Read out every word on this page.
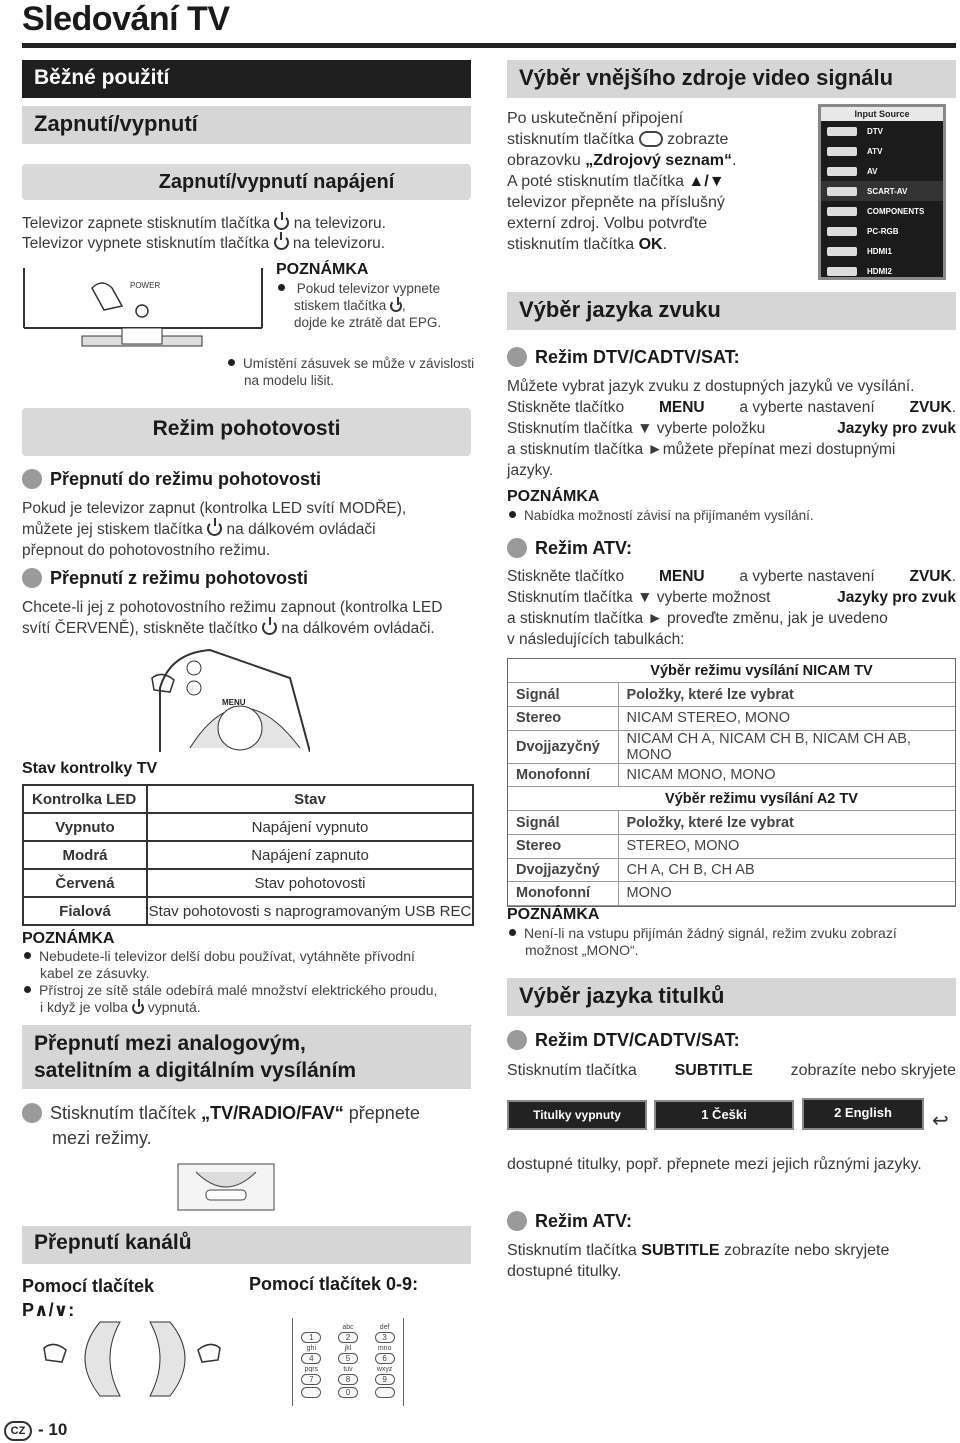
Sledování TV
Běžné použití
Zapnutí/vypnutí
Zapnutí/vypnutí napájení
Televizor zapnete stisknutím tlačítka na televizoru.
Televizor vypnete stisknutím tlačítka na televizoru.
POWER
POZNÁMKA
Pokud televizor vypnete
stiskem tlačítka ,
dojde ke ztrátě dat EPG.
Umístění zásuvek se může v závislosti
na modelu lišit.
Režim pohotovosti
Přepnutí do režimu pohotovosti
Pokud je televizor zapnut (kontrolka LED svítí MODŘE),
můžete jej stiskem tlačítka na dálkovém ovládači
přepnout do pohotovostního režimu.
Přepnutí z režimu pohotovosti
Chcete-li jej z pohotovostního režimu zapnout (kontrolka LED
svítí ČERVENĚ), stiskněte tlačítko na dálkovém ovládači.
MENU
Stav kontrolky TV
Kontrolka LED	Stav
Vypnuto	Napájení vypnuto
Modrá	Napájení zapnuto
Červená	Stav pohotovosti
Fialová	Stav pohotovosti s naprogramovaným USB REC
POZNÁMKA
Nebudete-li televizor delší dobu používat, vytáhněte přívodní
kabel ze zásuvky.
Přístroj ze sítě stále odebírá malé množství elektrického proudu,
i když je volba vypnutá.
Přepnutí mezi analogovým,
satelitním a digitálním vysíláním
Stisknutím tlačítek „TV/RADIO/FAV“ přepnete
mezi režimy.
Přepnutí kanálů
Pomocí tlačítek
P∧/∨:
Pomocí tlačítek 0-9:
1
abc
2
def
3
ghi
4
jkl
5
mno
6
pqrs
7
tuv
8
wxyz
9
0
CZ - 10
Výběr vnějšího zdroje video signálu
Po uskutečnění připojení
stisknutím tlačítka zobrazte
obrazovku „Zdrojový seznam“.
A poté stisknutím tlačítka ▲/▼
televizor přepněte na příslušný
externí zdroj. Volbu potvrďte
stisknutím tlačítka OK.
Input Source
DTV
ATV
AV
SCART-AV
COMPONENTS
PC-RGB
HDMI1
HDMI2
Výběr jazyka zvuku
Režim DTV/CADTV/SAT:
Můžete vybrat jazyk zvuku z dostupných jazyků ve vysílání.
Stiskněte tlačítko MENU a vyberte nastavení ZVUK.
Stisknutím tlačítka ▼ vyberte položku	Jazyky pro zvuk
a stisknutím tlačítka ►můžete přepínat mezi dostupnými
jazyky.
POZNÁMKA
Nabídka možností závisí na přijímaném vysílání.
Režim ATV:
Stiskněte tlačítko MENU a vyberte nastavení ZVUK.
Stisknutím tlačítka ▼ vyberte možnost	Jazyky pro zvuk
a stisknutím tlačítka ► proveďte změnu, jak je uvedeno
v následujících tabulkách:
Výběr režimu vysílání NICAM TV
Signál	Položky, které lze vybrat
Stereo	NICAM STEREO, MONO
Dvojjazyčný	NICAM CH A, NICAM CH B, NICAM CH AB, MONO
Monofonní	NICAM MONO, MONO
Výběr režimu vysílání A2 TV
Signál	Položky, které lze vybrat
Stereo	STEREO, MONO
Dvojjazyčný	CH A, CH B, CH AB
Monofonní	MONO
POZNÁMKA
Není-li na vstupu přijímán žádný signál, režim zvuku zobrazí
možnost „MONO“.
Výběr jazyka titulků
Režim DTV/CADTV/SAT:
Stisknutím tlačítka SUBTITLE zobrazíte nebo skryjete
Titulky vypnuty	1 Češki	2 English	↩
dostupné titulky, popř. přepnete mezi jejich různými jazyky.
Režim ATV:
Stisknutím tlačítka SUBTITLE zobrazíte nebo skryjete
dostupné titulky.
